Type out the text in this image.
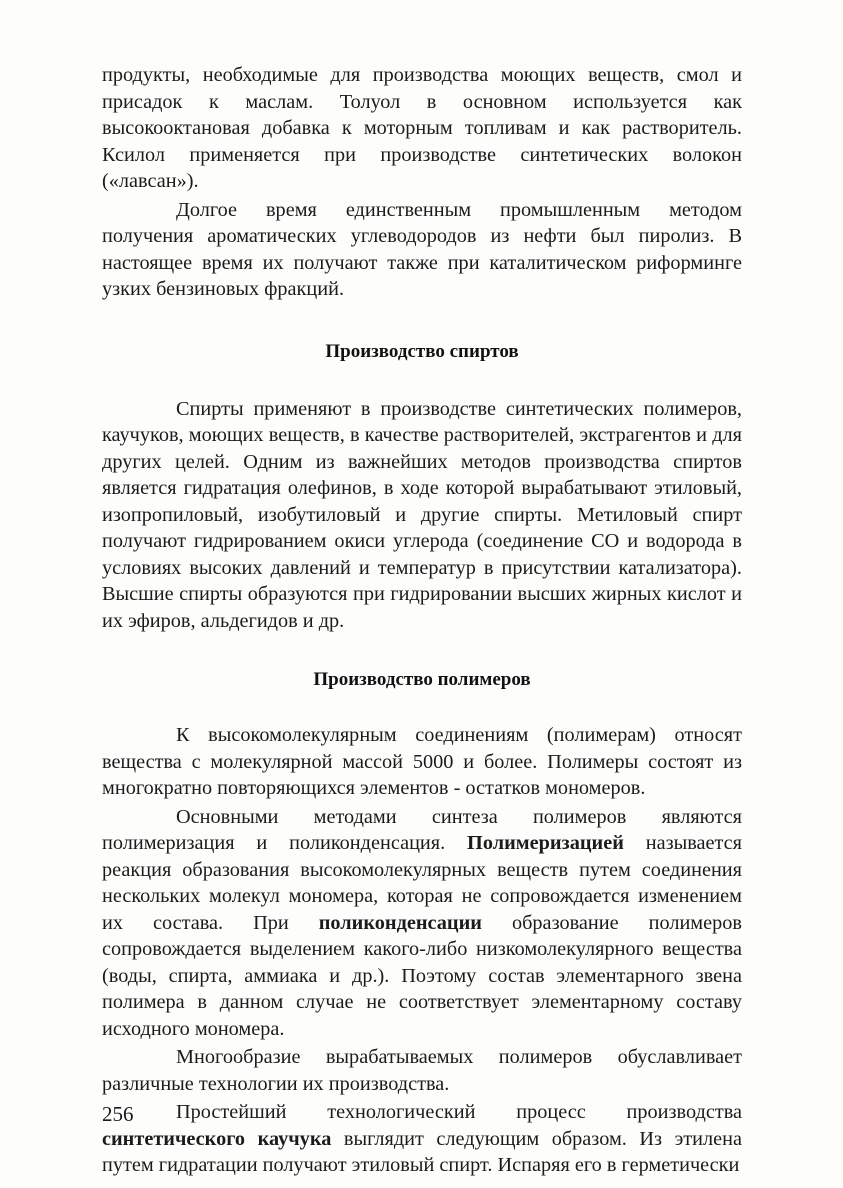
продукты, необходимые для производства моющих веществ, смол и присадок к маслам. Толуол в основном используется как высокооктановая добавка к моторным топливам и как растворитель. Ксилол применяется при производстве синтетических волокон («лавсан»).

Долгое время единственным промышленным методом получения ароматических углеводородов из нефти был пиролиз. В настоящее время их получают также при каталитическом риформинге узких бензиновых фракций.

Производство спиртов

Спирты применяют в производстве синтетических полимеров, каучуков, моющих веществ, в качестве растворителей, экстрагентов и для других целей. Одним из важнейших методов производства спиртов является гидратация олефинов, в ходе которой вырабатывают этиловый, изопропиловый, изобутиловый и другие спирты. Метиловый спирт получают гидрированием окиси углерода (соединение CO и водорода в условиях высоких давлений и температур в присутствии катализатора). Высшие спирты образуются при гидрировании высших жирных кислот и их эфиров, альдегидов и др.

Производство полимеров

К высокомолекулярным соединениям (полимерам) относят вещества с молекулярной массой 5000 и более. Полимеры состоят из многократно повторяющихся элементов - остатков мономеров.

Основными методами синтеза полимеров являются полимеризация и поликонденсация. Полимеризацией называется реакция образования высокомолекулярных веществ путем соединения нескольких молекул мономера, которая не сопровождается изменением их состава. При поликонденсации образование полимеров сопровождается выделением какого-либо низкомолекулярного вещества (воды, спирта, аммиака и др.). Поэтому состав элементарного звена полимера в данном случае не соответствует элементарному составу исходного мономера.

Многообразие вырабатываемых полимеров обуславливает различные технологии их производства.

Простейший технологический процесс производства синтетического каучука выглядит следующим образом. Из этилена путем гидратации получают этиловый спирт. Испаряя его в герметически

256
